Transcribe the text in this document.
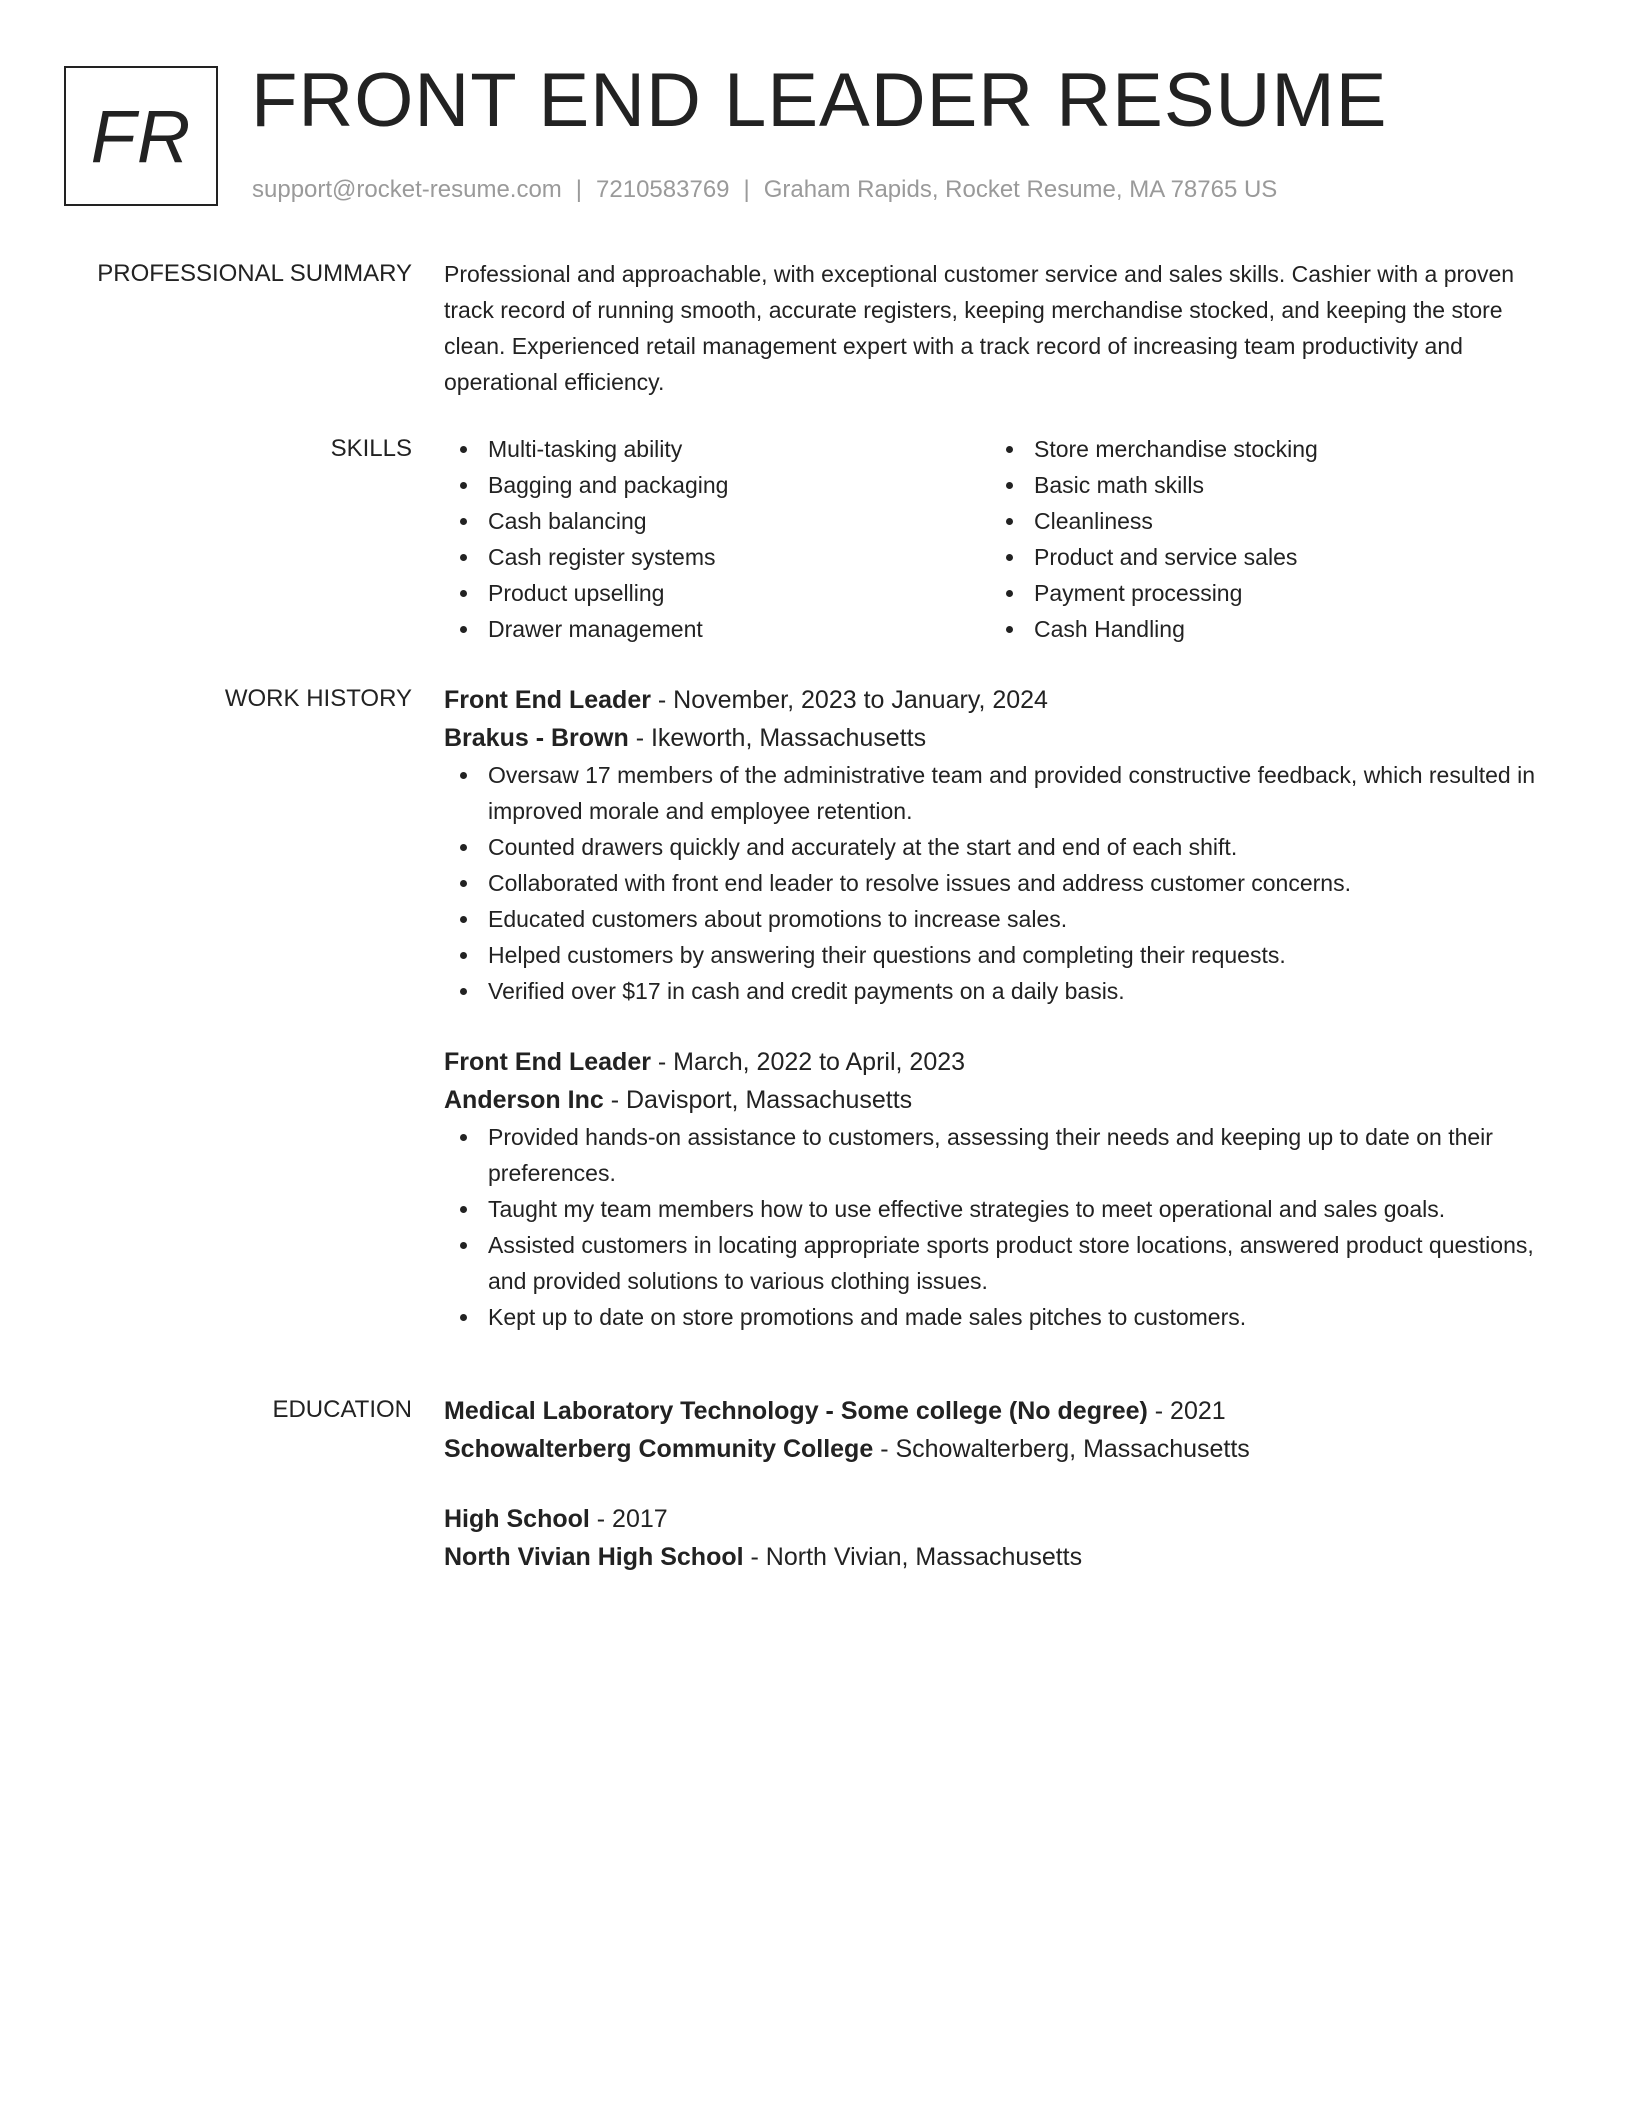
FR FRONT END LEADER RESUME
support@rocket-resume.com | 7210583769 | Graham Rapids, Rocket Resume, MA 78765 US
PROFESSIONAL SUMMARY Professional and approachable, with exceptional customer service and sales skills. Cashier with a proven track record of running smooth, accurate registers, keeping merchandise stocked, and keeping the store clean. Experienced retail management expert with a track record of increasing team productivity and operational efficiency.

SKILLS	Multi-tasking ability
Bagging and packaging
Cash balancing
Cash register systems
Product upselling
Drawer management
Store merchandise stocking
Basic math skills
Cleanliness
Product and service sales
Payment processing
Cash Handling
WORK HISTORY Front End Leader - November, 2023 to January, 2024
Brakus - Brown - Ikeworth, Massachusetts
Oversaw 17 members of the administrative team and provided constructive feedback, which resulted in improved morale and employee retention.
Counted drawers quickly and accurately at the start and end of each shift.
Collaborated with front end leader to resolve issues and address customer concerns.
Educated customers about promotions to increase sales.
Helped customers by answering their questions and completing their requests.
Verified over $17 in cash and credit payments on a daily basis.
Front End Leader - March, 2022 to April, 2023
Anderson Inc - Davisport, Massachusetts
Provided hands-on assistance to customers, assessing their needs and keeping up to date on their preferences.
Taught my team members how to use effective strategies to meet operational and sales goals.
Assisted customers in locating appropriate sports product store locations, answered product questions, and provided solutions to various clothing issues.
Kept up to date on store promotions and made sales pitches to customers.
EDUCATION Medical Laboratory Technology - Some college (No degree) - 2021
Schowalterberg Community College - Schowalterberg, Massachusetts
High School - 2017
North Vivian High School - North Vivian, Massachusetts
